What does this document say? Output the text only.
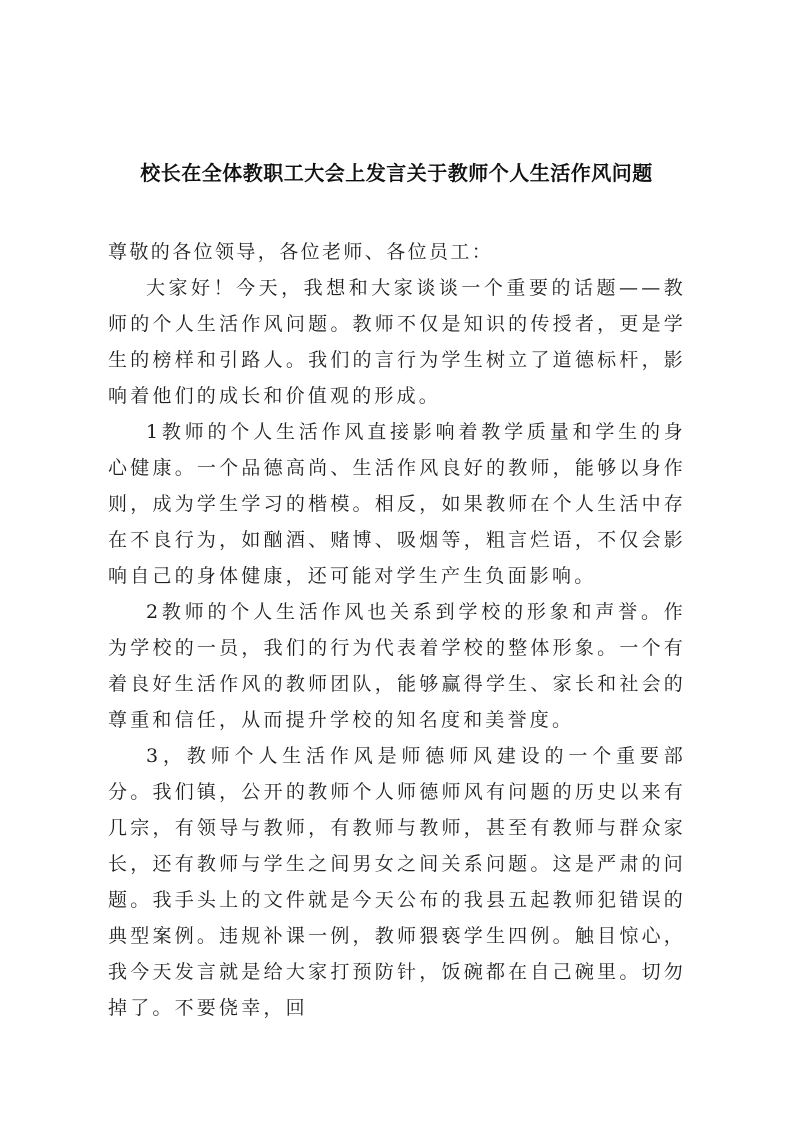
校长在全体教职工大会上发言关于教师个人生活作风问题

尊敬的各位领导，各位老师、各位员工：

大家好！今天，我想和大家谈谈一个重要的话题——教师的个人生活作风问题。教师不仅是知识的传授者，更是学生的榜样和引路人。我们的言行为学生树立了道德标杆，影响着他们的成长和价值观的形成。

1教师的个人生活作风直接影响着教学质量和学生的身心健康。一个品德高尚、生活作风良好的教师，能够以身作则，成为学生学习的楷模。相反，如果教师在个人生活中存在不良行为，如酗酒、赌博、吸烟等，粗言烂语，不仅会影响自己的身体健康，还可能对学生产生负面影响。

2教师的个人生活作风也关系到学校的形象和声誉。作为学校的一员，我们的行为代表着学校的整体形象。一个有着良好生活作风的教师团队，能够赢得学生、家长和社会的尊重和信任，从而提升学校的知名度和美誉度。

3，教师个人生活作风是师德师风建设的一个重要部分。我们镇，公开的教师个人师德师风有问题的历史以来有几宗，有领导与教师，有教师与教师，甚至有教师与群众家长，还有教师与学生之间男女之间关系问题。这是严肃的问题。我手头上的文件就是今天公布的我县五起教师犯错误的典型案例。违规补课一例，教师猥亵学生四例。触目惊心，我今天发言就是给大家打预防针，饭碗都在自己碗里。切勿掉了。不要侥幸，回
